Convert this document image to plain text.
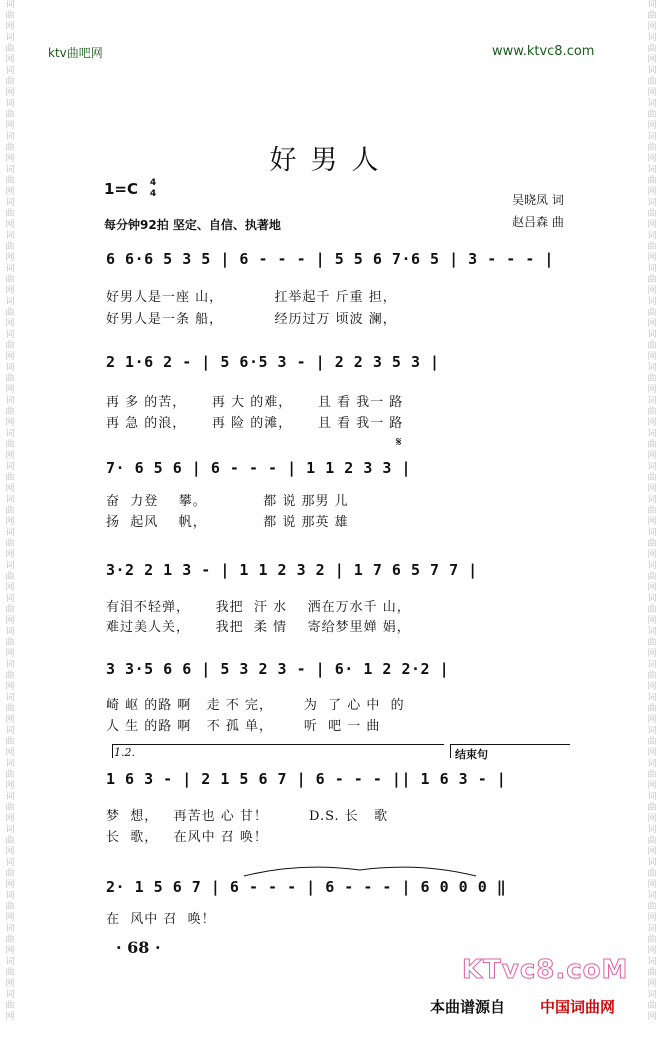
词
曲
网
词
曲
网
词
曲
网
词
曲
网
词
曲
网
词
曲
网
词
曲
网
词
曲
网
词
曲
网
词
曲
网
词
曲
网
词
曲
网
词
曲
网
词
曲
网
词
曲
网
词
曲
网
词
曲
网
词
曲
网
词
曲
网
词
曲
网
词
曲
网
词
曲
网
词
曲
网
词
曲
网
词
曲
网
词
曲
网
词
曲
网
词
曲
网
词
曲
网
词
曲
网
词
曲
网
词
曲
网
词
曲
网
词
曲
网
词
曲
网
词
曲
网
词
曲
网
词
曲
网
词
曲
网
词
曲
网
词
曲
网
词
曲
网
词
曲
网
词
曲
网
词
曲
网
词
曲
网
词
曲
网
词
曲
网
词
曲
网
词
曲
网
词
曲
网
词
曲
网
词
曲
网
词
曲
网
词
曲
网
词
曲
网
词
曲
网
词
曲
网
词
曲
网
词
曲
网
词
曲
网
词
曲
网
ktv曲吧网	www.ktvc8.com
好男人
1=C	4
4
每分钟92拍 坚定、自信、执著地
吴晓凤 词
赵吕森 曲
6 6·6 5 3 5 | 6 - - - | 5 5 6 7·6 5 | 3 - - - |
好男人是一座 山，          扛举起千 斤重 担，
好男人是一条 船，          经历过万 顷波 澜，
2 1·6 2 - | 5 6·5 3 - | 2 2 3 5 3 |
再 多 的苦，     再 大 的难，     且 看 我一 路
再 急 的浪，     再 险 的滩，     且 看 我一 路
𝄋
7· 6 5 6 | 6 - - - | 1 1 2 3 3 |
奋  力登    攀。           都 说 那男 儿
扬  起风    帆，           都 说 那英 雄
3·2 2 1 3 - | 1 1 2 3 2 | 1 7 6 5 7 7 |
有泪不轻弹，     我把  汗 水    洒在万水千 山，
难过美人关，     我把  柔 情    寄给梦里婵 娟，
3 3·5 6 6 | 5 3 2 3 - | 6· 1 2 2·2 |
崎 岖 的路 啊   走 不 完，      为  了 心 中  的
人 生 的路 啊   不 孤 单，      听  吧 一 曲
1.2.	结束句
1 6 3 - | 2 1 5 6 7 | 6 - - - || 1 6 3 - |
梦  想，   再苦也 心 甘！        D.S. 长   歌
长  歌，   在风中 召 唤！
2· 1 5 6 7 | 6 - - - | 6 - - - | 6 0 0 0 ‖
在  风中 召  唤！
· 68 ·
KTvc8.coM
本曲谱源自 中国词曲网
